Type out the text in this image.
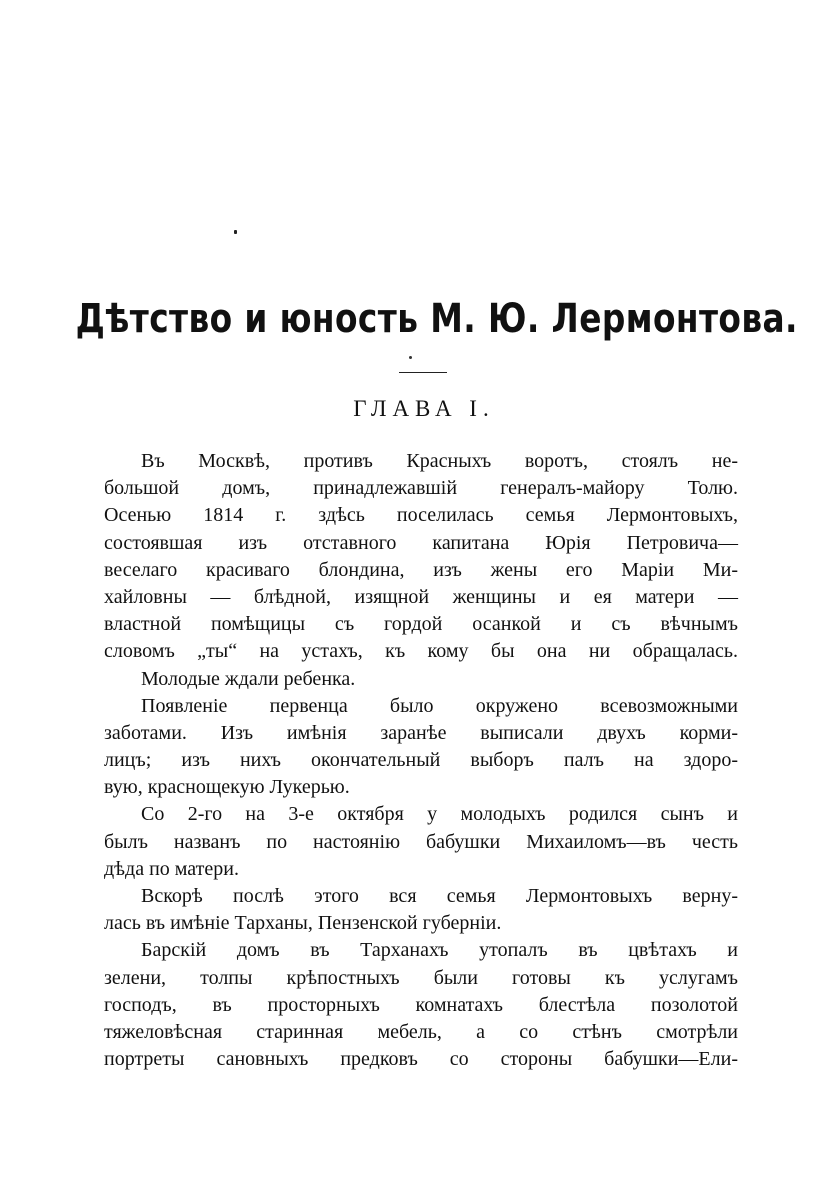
Дѣтство и юность М. Ю. Лермонтова.
ГЛАВА I.
Въ Москвѣ, противъ Красныхъ воротъ, стоялъ не-
большой домъ, принадлежавшій генералъ-майору Толю.
Осенью 1814 г. здѣсь поселилась семья Лермонтовыхъ,
состоявшая изъ отставного капитана Юрія Петровича—
веселаго красиваго блондина, изъ жены его Маріи Ми-
хайловны — блѣдной, изящной женщины и ея матери —
властной помѣщицы съ гордой осанкой и съ вѣчнымъ
словомъ „ты“ на устахъ, къ кому бы она ни обращалась.
Молодые ждали ребенка.
Появленіе первенца было окружено всевозможными
заботами. Изъ имѣнія заранѣе выписали двухъ корми-
лицъ; изъ нихъ окончательный выборъ палъ на здоро-
вую, краснощекую Лукерью.
Со 2-го на 3-е октября у молодыхъ родился сынъ и
былъ названъ по настоянію бабушки Михаиломъ—въ честь
дѣда по матери.
Вскорѣ послѣ этого вся семья Лермонтовыхъ верну-
лась въ имѣніе Тарханы, Пензенской губерніи.
Барскій домъ въ Тарханахъ утопалъ въ цвѣтахъ и
зелени, толпы крѣпостныхъ были готовы къ услугамъ
господъ, въ просторныхъ комнатахъ блестѣла позолотой
тяжеловѣсная старинная мебель, а со стѣнъ смотрѣли
портреты сановныхъ предковъ со стороны бабушки—Ели-
